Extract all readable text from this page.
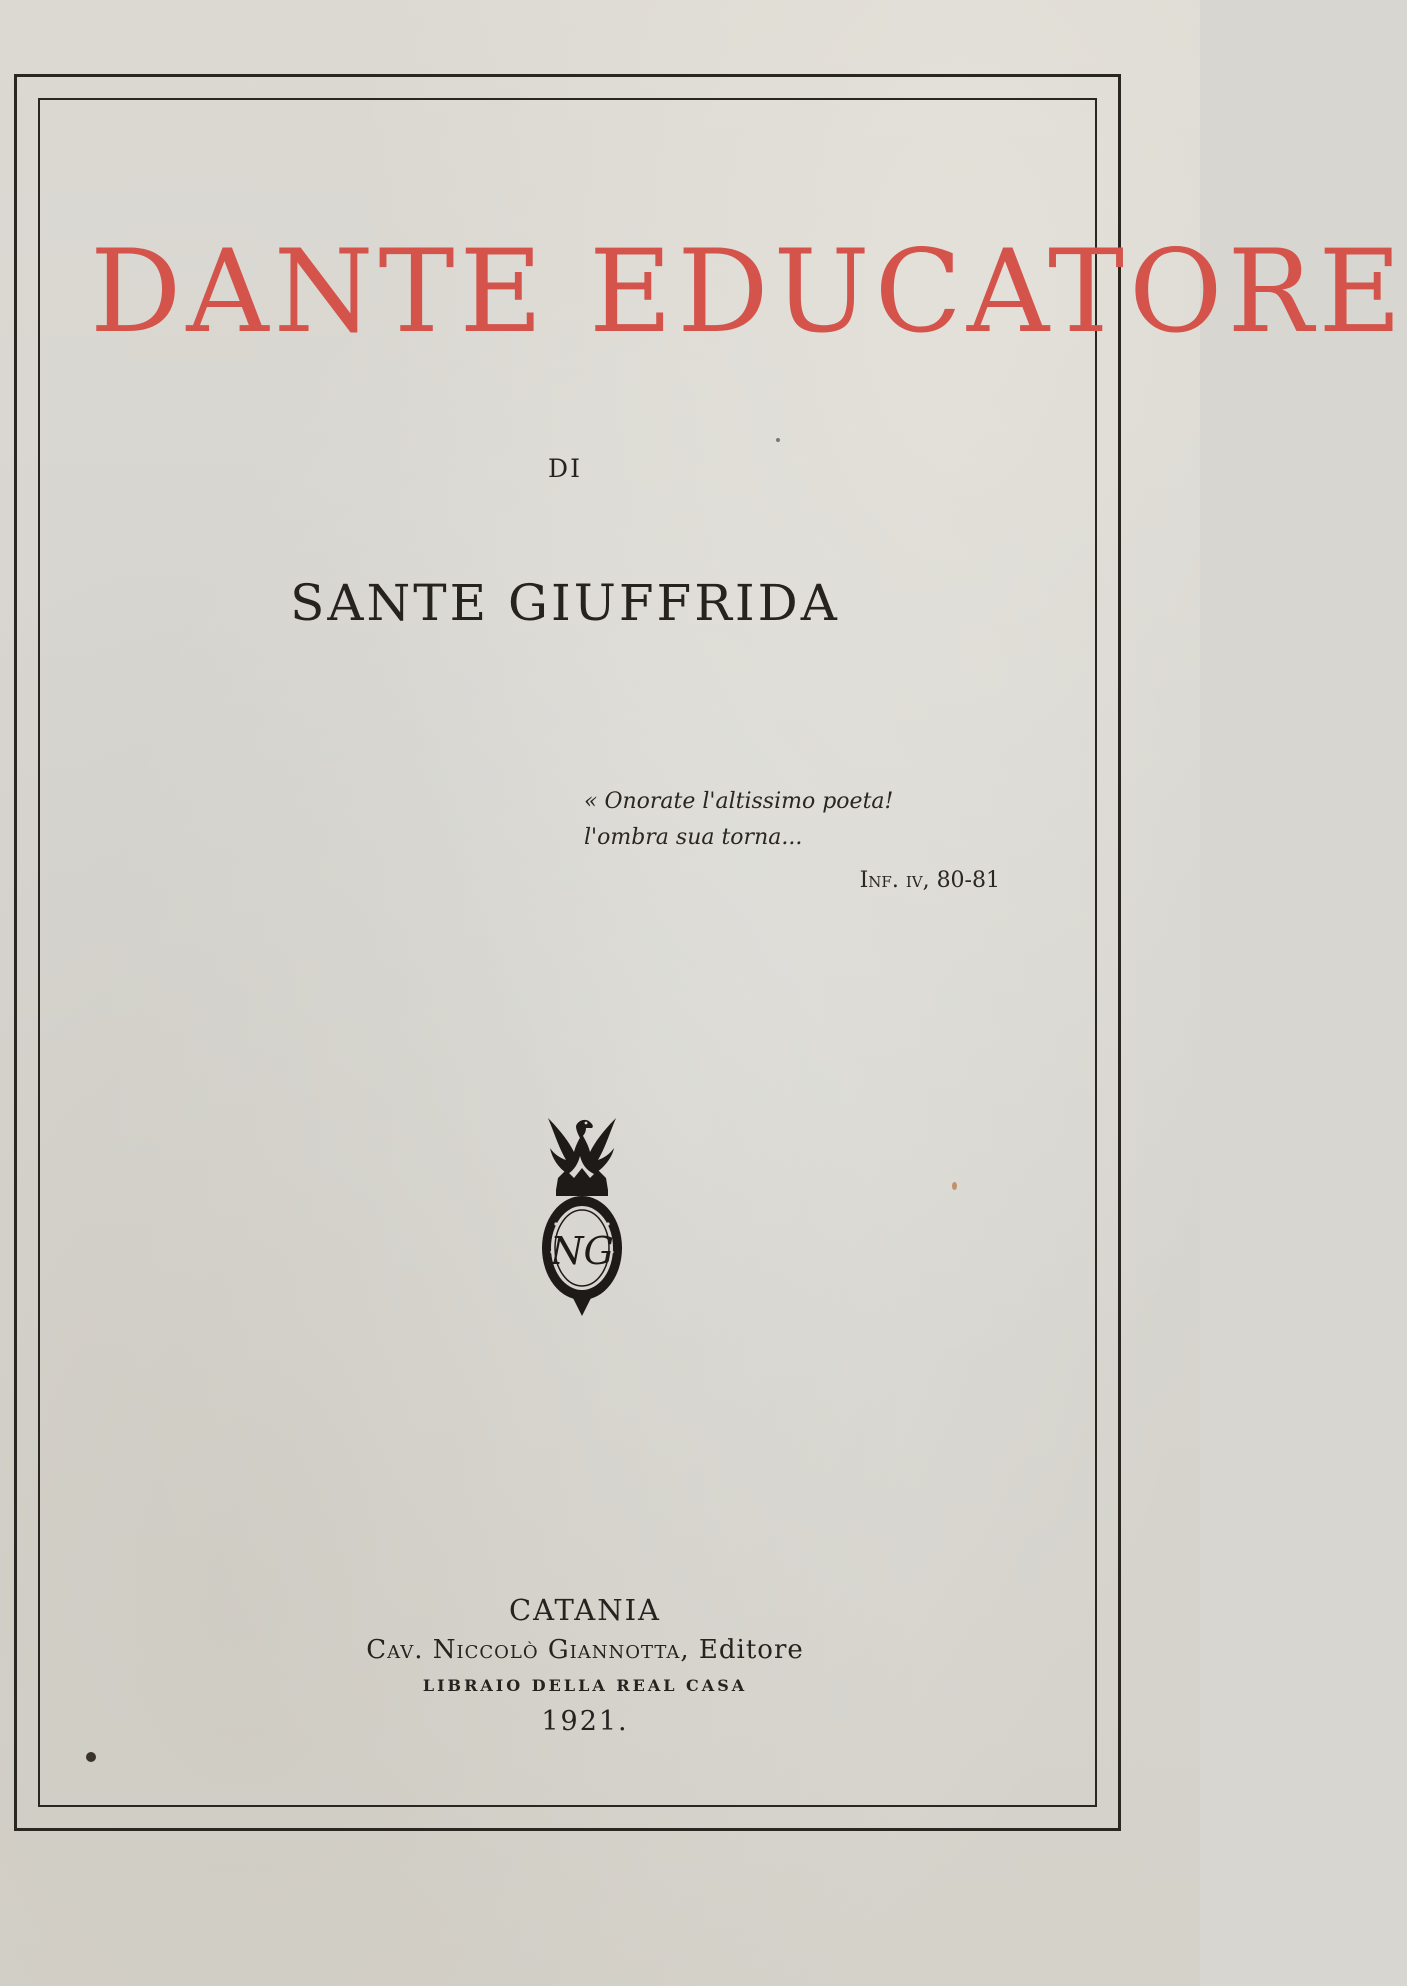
DANTE EDUCATORE
DI
SANTE GIUFFRIDA
« Onorate l'altissimo poeta!
l'ombra sua torna...
Inf. iv, 80-81
NG
CATANIA
Cav. Niccolò Giannotta, Editore
LIBRAIO DELLA REAL CASA
1921.
